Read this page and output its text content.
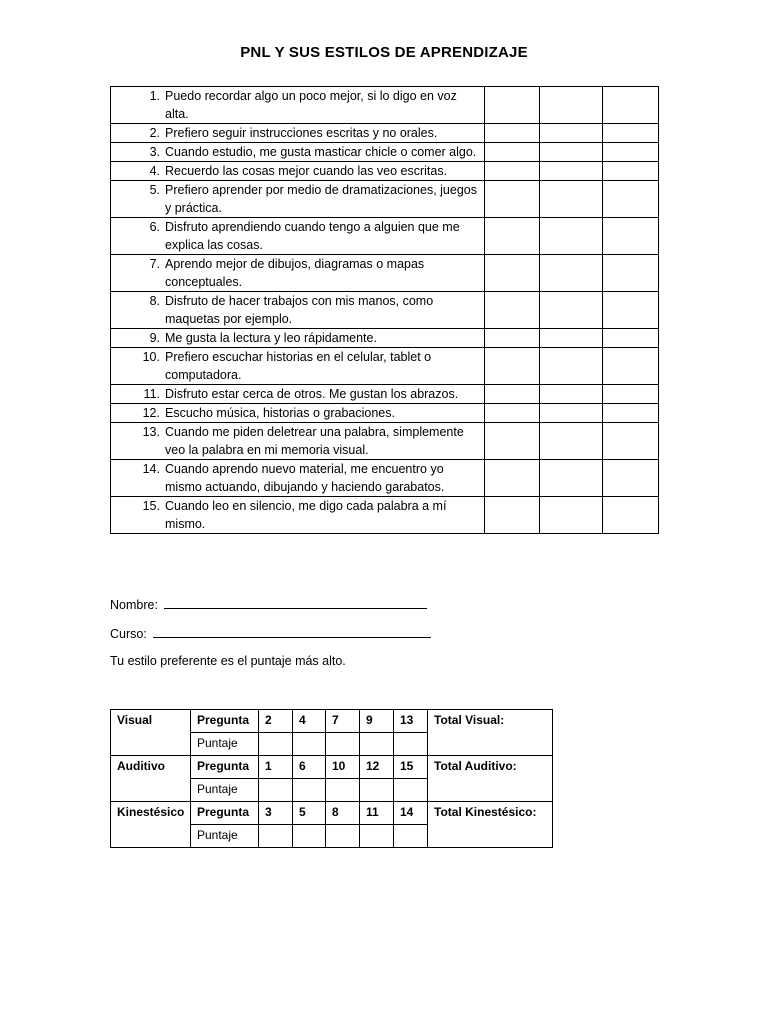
PNL Y SUS ESTILOS DE APRENDIZAJE
1. Puedo recordar algo un poco mejor, si lo digo en voz alta.			

2. Prefiero seguir instrucciones escritas y no orales.			

3. Cuando estudio, me gusta masticar chicle o comer algo.			

4. Recuerdo las cosas mejor cuando las veo escritas.			

5. Prefiero aprender por medio de dramatizaciones, juegos y práctica.			

6. Disfruto aprendiendo cuando tengo a alguien que me explica las cosas.			

7. Aprendo mejor de dibujos, diagramas o mapas conceptuales.			

8. Disfruto de hacer trabajos con mis manos, como maquetas por ejemplo.			

9. Me gusta la lectura y leo rápidamente.			

10. Prefiero escuchar historias en el celular, tablet o computadora.			

11. Disfruto estar cerca de otros. Me gustan los abrazos.			

12. Escucho música, historias o grabaciones.			

13. Cuando me piden deletrear una palabra, simplemente veo la palabra en mi memoria visual.			

14. Cuando aprendo nuevo material, me encuentro yo mismo actuando, dibujando y haciendo garabatos.			

15. Cuando leo en silencio, me digo cada palabra a mí mismo.			

Nombre:
Curso:
Tu estilo preferente es el puntaje más alto.
Visual	Pregunta	2	4	7	9	13	Total Visual:
	Puntaje						
Auditivo	Pregunta	1	6	10	12	15	Total Auditivo:
	Puntaje						
Kinestésico	Pregunta	3	5	8	11	14	Total Kinestésico:
	Puntaje						
